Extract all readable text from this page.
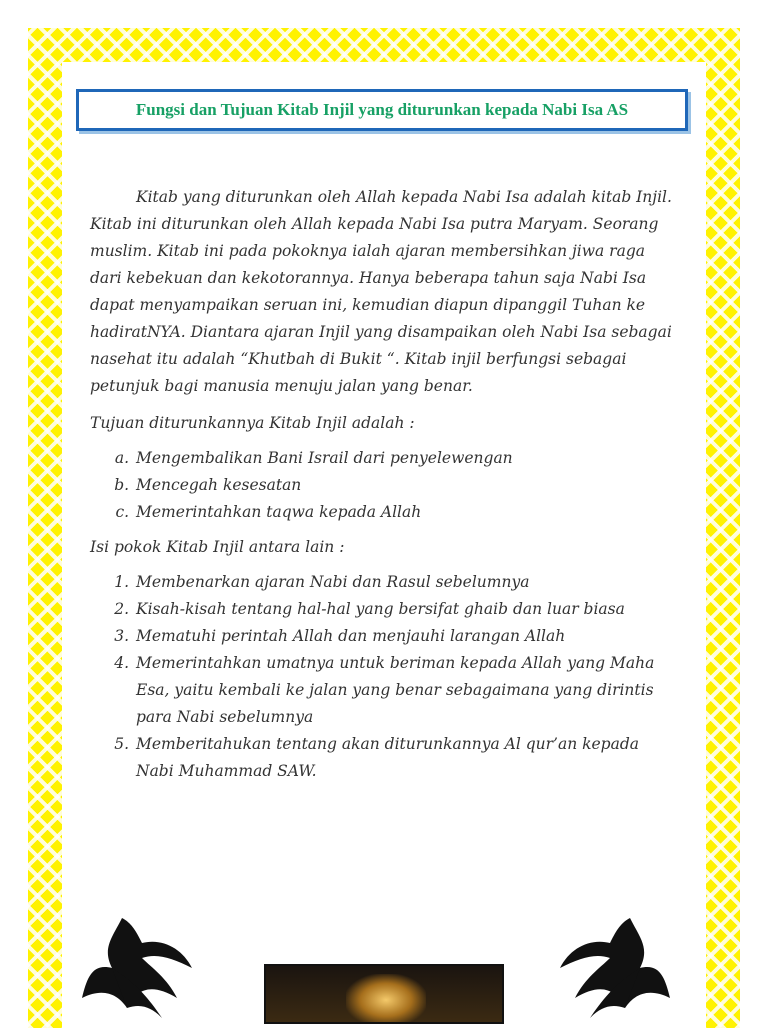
Fungsi dan Tujuan Kitab Injil yang diturunkan kepada Nabi Isa AS

Kitab yang diturunkan oleh Allah kepada Nabi Isa adalah kitab Injil. Kitab ini diturunkan oleh Allah kepada Nabi Isa putra Maryam. Seorang muslim. Kitab ini pada pokoknya ialah ajaran membersihkan jiwa raga dari kebekuan dan kekotorannya. Hanya beberapa tahun saja Nabi Isa dapat menyampaikan seruan ini, kemudian diapun dipanggil Tuhan ke hadiratNYA. Diantara ajaran Injil yang disampaikan oleh Nabi Isa sebagai nasehat itu adalah “Khutbah di Bukit “. Kitab injil berfungsi sebagai petunjuk bagi manusia menuju jalan yang benar.

Tujuan diturunkannya Kitab Injil adalah :

a. Mengembalikan Bani Israil dari penyelewengan
b. Mencegah kesesatan
c. Memerintahkan taqwa kepada Allah

Isi pokok Kitab Injil antara lain :

1. Membenarkan ajaran Nabi dan Rasul sebelumnya
2. Kisah-kisah tentang hal-hal yang bersifat ghaib dan luar biasa
3. Mematuhi perintah Allah dan menjauhi larangan Allah
4. Memerintahkan umatnya untuk beriman kepada Allah yang Maha Esa, yaitu kembali ke jalan yang benar sebagaimana yang dirintis para Nabi sebelumnya
5. Memberitahukan tentang akan diturunkannya Al qur’an kepada Nabi Muhammad SAW.
